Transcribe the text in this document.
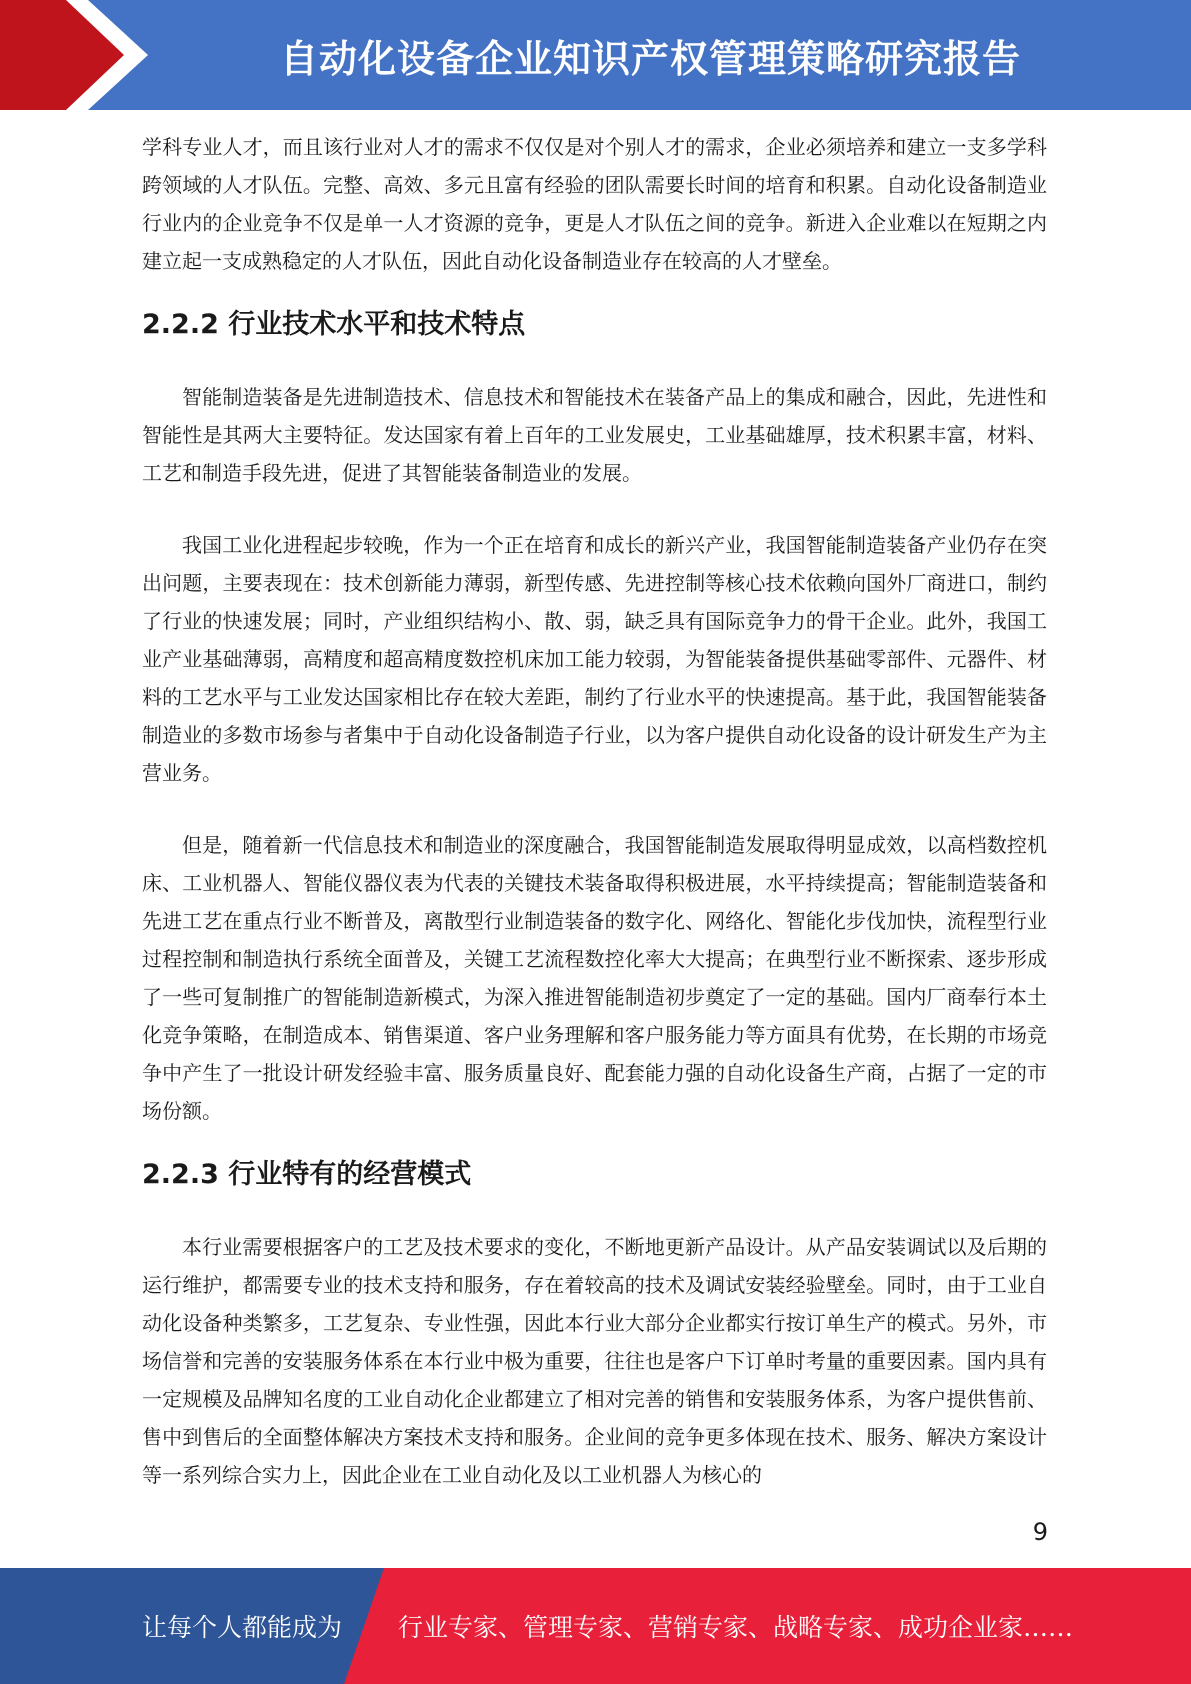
自动化设备企业知识产权管理策略研究报告

学科专业人才，而且该行业对人才的需求不仅仅是对个别人才的需求，企业必须培养和建立一支多学科跨领域的人才队伍。完整、高效、多元且富有经验的团队需要长时间的培育和积累。自动化设备制造业行业内的企业竞争不仅是单一人才资源的竞争，更是人才队伍之间的竞争。新进入企业难以在短期之内建立起一支成熟稳定的人才队伍，因此自动化设备制造业存在较高的人才壁垒。

2.2.2 行业技术水平和技术特点

智能制造装备是先进制造技术、信息技术和智能技术在装备产品上的集成和融合，因此，先进性和智能性是其两大主要特征。发达国家有着上百年的工业发展史，工业基础雄厚，技术积累丰富，材料、工艺和制造手段先进，促进了其智能装备制造业的发展。

我国工业化进程起步较晚，作为一个正在培育和成长的新兴产业，我国智能制造装备产业仍存在突出问题，主要表现在：技术创新能力薄弱，新型传感、先进控制等核心技术依赖向国外厂商进口，制约了行业的快速发展；同时，产业组织结构小、散、弱，缺乏具有国际竞争力的骨干企业。此外，我国工业产业基础薄弱，高精度和超高精度数控机床加工能力较弱，为智能装备提供基础零部件、元器件、材料的工艺水平与工业发达国家相比存在较大差距，制约了行业水平的快速提高。基于此，我国智能装备制造业的多数市场参与者集中于自动化设备制造子行业，以为客户提供自动化设备的设计研发生产为主营业务。

但是，随着新一代信息技术和制造业的深度融合，我国智能制造发展取得明显成效，以高档数控机床、工业机器人、智能仪器仪表为代表的关键技术装备取得积极进展，水平持续提高；智能制造装备和先进工艺在重点行业不断普及，离散型行业制造装备的数字化、网络化、智能化步伐加快，流程型行业过程控制和制造执行系统全面普及，关键工艺流程数控化率大大提高；在典型行业不断探索、逐步形成了一些可复制推广的智能制造新模式，为深入推进智能制造初步奠定了一定的基础。国内厂商奉行本土化竞争策略，在制造成本、销售渠道、客户业务理解和客户服务能力等方面具有优势，在长期的市场竞争中产生了一批设计研发经验丰富、服务质量良好、配套能力强的自动化设备生产商，占据了一定的市场份额。

2.2.3 行业特有的经营模式

本行业需要根据客户的工艺及技术要求的变化，不断地更新产品设计。从产品安装调试以及后期的运行维护，都需要专业的技术支持和服务，存在着较高的技术及调试安装经验壁垒。同时，由于工业自动化设备种类繁多，工艺复杂、专业性强，因此本行业大部分企业都实行按订单生产的模式。另外，市场信誉和完善的安装服务体系在本行业中极为重要，往往也是客户下订单时考量的重要因素。国内具有一定规模及品牌知名度的工业自动化企业都建立了相对完善的销售和安装服务体系，为客户提供售前、售中到售后的全面整体解决方案技术支持和服务。企业间的竞争更多体现在技术、服务、解决方案设计等一系列综合实力上，因此企业在工业自动化及以工业机器人为核心的

9
让每个人都能成为 行业专家、管理专家、营销专家、战略专家、成功企业家……
